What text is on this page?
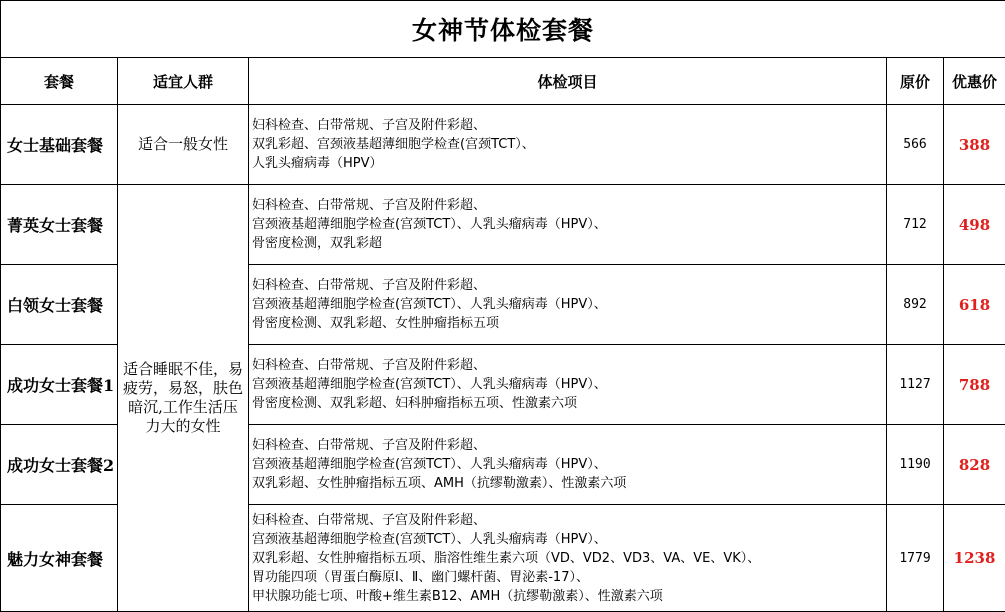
女神节体检套餐				
套餐	适宜人群	体检项目	原价	优惠价
女士基础套餐	适合一般女性	妇科检查、白带常规、子宫及附件彩超、
双乳彩超、宫颈液基超薄细胞学检查(宫颈TCT）、
人乳头瘤病毒（HPV）	566	388
菁英女士套餐	适合睡眠不佳，易疲劳，易怒，肤色暗沉,工作生活压力大的女性	妇科检查、白带常规、子宫及附件彩超、
宫颈液基超薄细胞学检查(宫颈TCT）、人乳头瘤病毒（HPV）、
骨密度检测，双乳彩超	712	498
白领女士套餐		妇科检查、白带常规、子宫及附件彩超、
宫颈液基超薄细胞学检查(宫颈TCT）、人乳头瘤病毒（HPV）、
骨密度检测、双乳彩超、女性肿瘤指标五项	892	618
成功女士套餐1		妇科检查、白带常规、子宫及附件彩超、
宫颈液基超薄细胞学检查(宫颈TCT）、人乳头瘤病毒（HPV）、
骨密度检测、双乳彩超、妇科肿瘤指标五项、性激素六项	1127	788
成功女士套餐2		妇科检查、白带常规、子宫及附件彩超、
宫颈液基超薄细胞学检查(宫颈TCT）、人乳头瘤病毒（HPV）、
双乳彩超、女性肿瘤指标五项、AMH（抗缪勒激素）、性激素六项	1190	828
魅力女神套餐		妇科检查、白带常规、子宫及附件彩超、
宫颈液基超薄细胞学检查(宫颈TCT）、人乳头瘤病毒（HPV）、
双乳彩超、女性肿瘤指标五项、脂溶性维生素六项（VD、VD2、VD3、VA、VE、VK）、
胃功能四项（胃蛋白酶原Ⅰ、Ⅱ、幽门螺杆菌、胃泌素-17）、
甲状腺功能七项、叶酸+维生素B12、AMH（抗缪勒激素）、性激素六项	1779	1238
